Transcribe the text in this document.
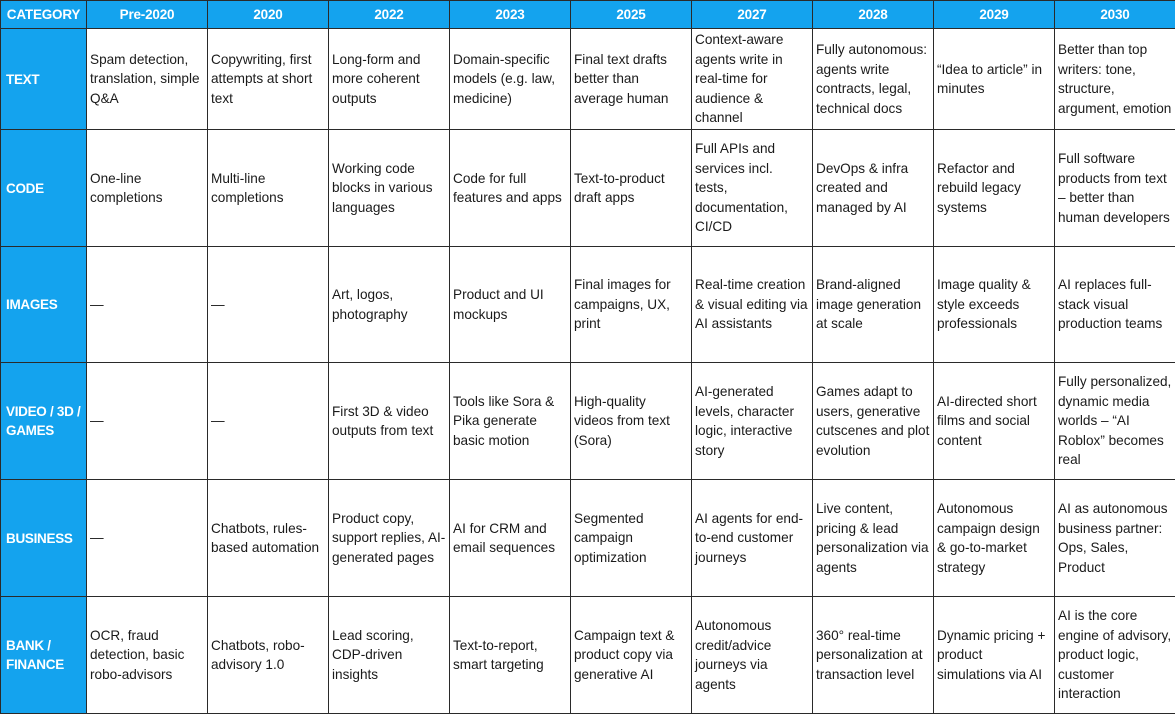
CATEGORY	Pre-2020	2020	2022	2023	2025	2027	2028	2029	2030
TEXT	Spam detection, translation, simple Q&A	Copywriting, first attempts at short text	Long-form and more coherent outputs	Domain-specific models (e.g. law, medicine)	Final text drafts better than average human	Context-aware agents write in real-time for audience & channel	Fully autonomous: agents write contracts, legal, technical docs	“Idea to article” in minutes	Better than top writers: tone, structure, argument, emotion
CODE	One-line completions	Multi-line completions	Working code blocks in various languages	Code for full features and apps	Text-to-product draft apps	Full APIs and services incl. tests, documentation, CI/CD	DevOps & infra created and managed by AI	Refactor and rebuild legacy systems	Full software products from text – better than human developers
IMAGES	—	—	Art, logos, photography	Product and UI mockups	Final images for campaigns, UX, print	Real-time creation & visual editing via AI assistants	Brand-aligned image generation at scale	Image quality & style exceeds professionals	AI replaces full-stack visual production teams
VIDEO / 3D / GAMES	—	—	First 3D & video outputs from text	Tools like Sora & Pika generate basic motion	High-quality videos from text (Sora)	AI-generated levels, character logic, interactive story	Games adapt to users, generative cutscenes and plot evolution	AI-directed short films and social content	Fully personalized, dynamic media worlds – “AI Roblox” becomes real
BUSINESS	—	Chatbots, rules-based automation	Product copy, support replies, AI-generated pages	AI for CRM and email sequences	Segmented campaign optimization	AI agents for end-to-end customer journeys	Live content, pricing & lead personalization via agents	Autonomous campaign design & go-to-market strategy	AI as autonomous business partner: Ops, Sales, Product
BANK / FINANCE	OCR, fraud detection, basic robo-advisors	Chatbots, robo-advisory 1.0	Lead scoring, CDP-driven insights	Text-to-report, smart targeting	Campaign text & product copy via generative AI	Autonomous credit/advice journeys via agents	360° real-time personalization at transaction level	Dynamic pricing + product simulations via AI	AI is the core engine of advisory, product logic, customer interaction
